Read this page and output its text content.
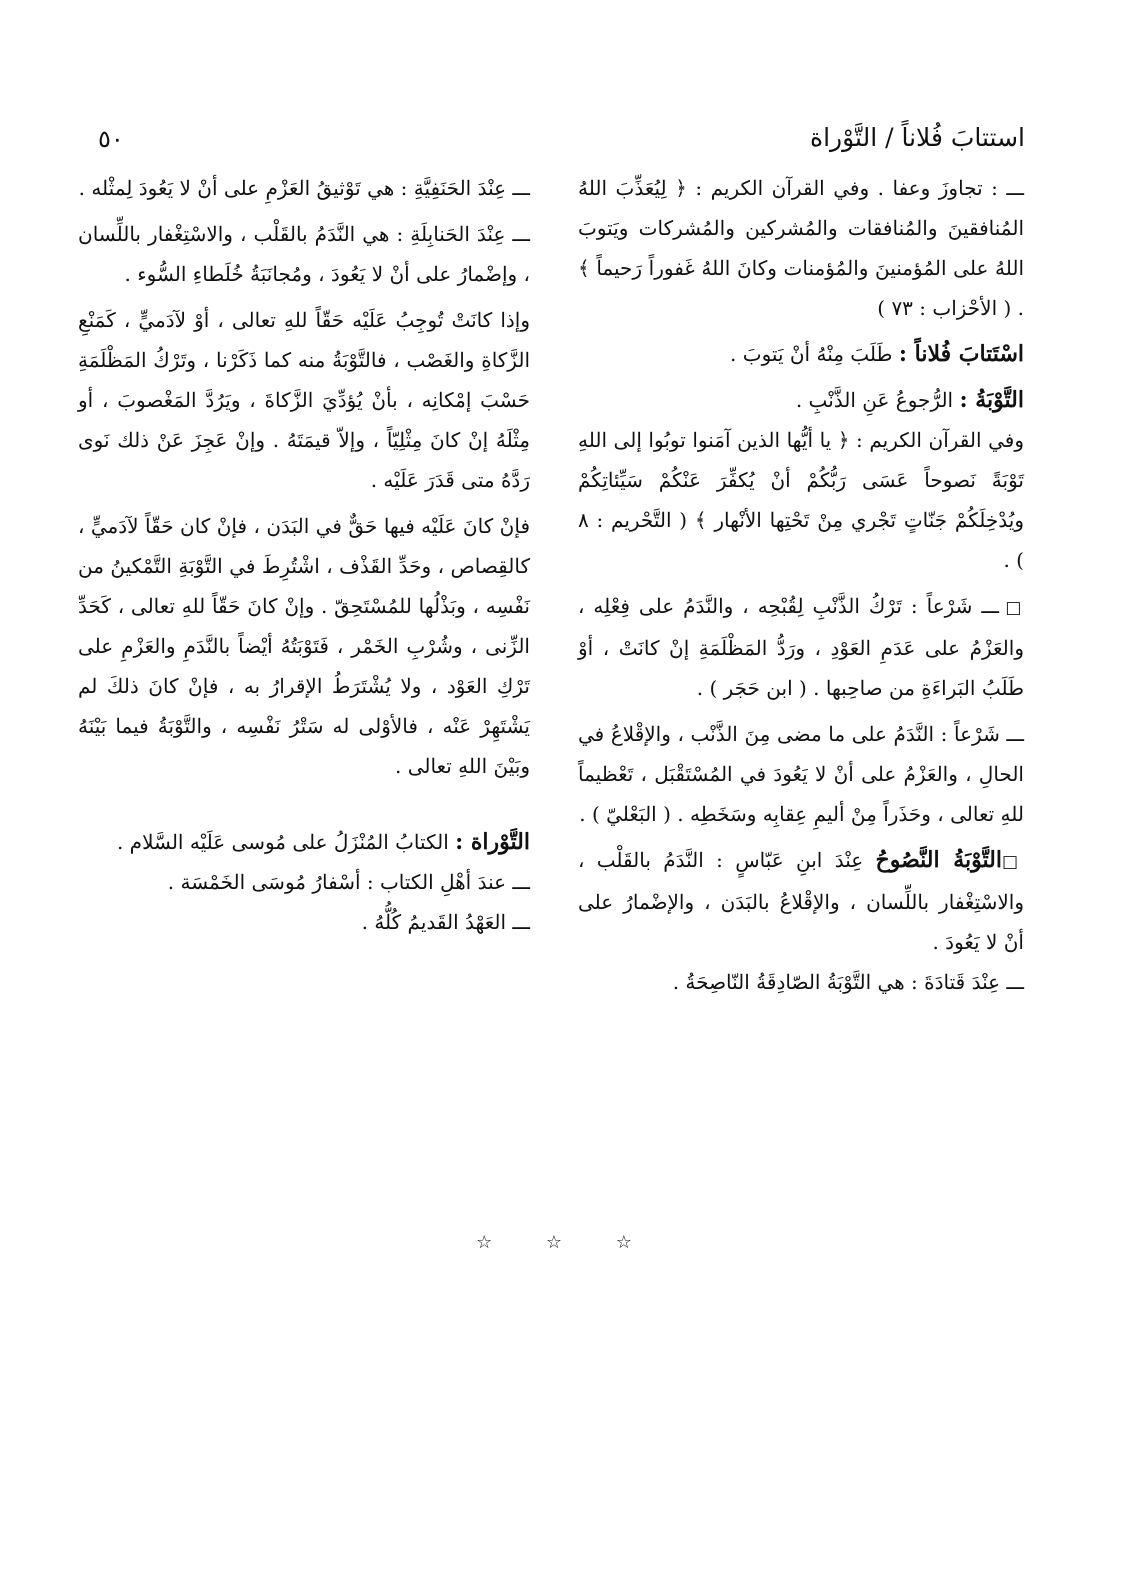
استتابَ فُلاناً / التَّوْراة
٥٠

ـــ : تجاوزَ وعفا . وفي القرآن الكريم : ﴿ لِيُعَذِّبَ اللهُ المُنافقينَ والمُنافقات والمُشركين والمُشركات ويَتوبَ اللهُ على المُؤمنينَ والمُؤمنات وكانَ اللهُ غَفوراً رَحيماً ﴾ . ( الأحْزاب : ٧٣ )

اسْتَتابَ فُلاناً : طَلَبَ مِنْهُ أنْ يَتوبَ .

التَّوْبَةُ : الرُّجوعُ عَنِ الذَّنْبِ .

وفي القرآن الكريم : ﴿ يا أيُّها الذين آمَنوا توبُوا إلى اللهِ تَوْبَةً نَصوحاً عَسَى رَبُّكُمْ أنْ يُكفِّرَ عَنْكُمْ سَيِّئاتِكُمْ ويُدْخِلَكُمْ جَنّاتٍ تَجْري مِنْ تَحْتِها الأنْهار ﴾ ( التَّحْريم : ٨ ) .

□ ـــ شَرْعاً : تَرْكُ الذَّنْبِ لِقُبْحِه ، والنَّدَمُ على فِعْلِه ، والعَزْمُ على عَدَمِ العَوْدِ ، ورَدُّ المَظْلَمَةِ إنْ كانَتْ ، أوْ طَلَبُ البَراءَةِ من صاحِبها . ( ابن حَجَر ) .

ـــ شَرْعاً : النَّدَمُ على ما مضى مِنَ الذَّنْب ، والإقْلاعُ في الحالِ ، والعَزْمُ على أنْ لا يَعُودَ في المُسْتَقْبَل ، تَعْظيماً للهِ تعالى ، وحَذَراً مِنْ أليمِ عِقابِه وسَخَطِه . ( البَعْليّ ) .

□التَّوْبَةُ النَّصُوحُ عِنْدَ ابنِ عَبّاسٍ : النَّدَمُ بالقَلْب ، والاسْتِغْفار باللِّسان ، والإقْلاعُ بالبَدَن ، والإضْمارُ على أنْ لا يَعُودَ .

ـــ عِنْدَ قَتادَةَ : هي التَّوْبَةُ الصّادِقَةُ النّاصِحَةُ .

ـــ عِنْدَ الحَنَفِيَّةِ : هي تَوْثيقُ العَزْمِ على أنْ لا يَعُودَ لِمثْله .

ـــ عِنْدَ الحَنابِلَةِ : هي النَّدَمُ بالقَلْب ، والاسْتِغْفار باللِّسان ، وإضْمارُ على أنْ لا يَعُودَ ، ومُجانَبَةُ خُلَطاءِ السُّوء .

وإذا كانَتْ تُوجِبُ عَلَيْه حَقّاً للهِ تعالى ، أوْ لآدَميٍّ ، كَمَنْعِ الزَّكاةِ والغَصْب ، فالتَّوْبَةُ منه كما ذَكَرْنا ، وتَرْكُ المَظْلَمَةِ حَسْبَ إمْكانِه ، بأنْ يُؤدِّيَ الزَّكاةَ ، ويَرُدَّ المَغْصوبَ ، أو مِثْلَهُ إنْ كانَ مِثْلِيّاً ، وإلاّ قيمَتَهُ . وإنْ عَجِزَ عَنْ ذلك نَوى رَدَّهُ متى قَدَرَ عَلَيْه .

فإنْ كانَ عَلَيْه فيها حَقٌّ في البَدَن ، فإنْ كان حَقّاً لآدَميٍّ ، كالقِصاص ، وحَدِّ القَذْف ، اشْتُرِطَ في التَّوْبَةِ التَّمْكينُ من نَفْسِه ، وبَذْلُها للمُسْتَحِقّ . وإنْ كانَ حَقّاً للهِ تعالى ، كَحَدِّ الزِّنى ، وشُرْبِ الخَمْر ، فَتَوْبَتُهُ أيْضاً بالنَّدَمِ والعَزْمِ على تَرْكِ العَوْد ، ولا يُشْتَرَطُ الإقرارُ به ، فإنْ كانَ ذلكَ لم يَشْتَهِرْ عَنْه ، فالأوْلى له سَتْرُ نَفْسِه ، والتَّوْبَةُ فيما بَيْنَهُ وبَيْنَ اللهِ تعالى .

التَّوْراة : الكتابُ المُنْزَلُ على مُوسى عَلَيْه السَّلام .

ـــ عندَ أهْلِ الكتاب : أسْفارُ مُوسَى الخَمْسَة .

ـــ العَهْدُ القَديمُ كُلُّهُ .

☆ ☆ ☆
